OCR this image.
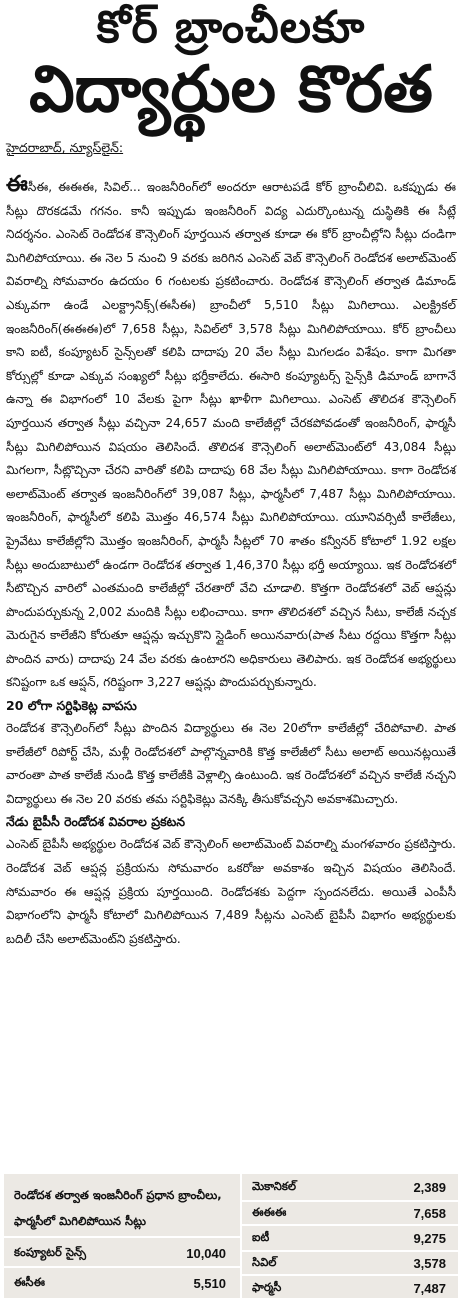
కోర్ బ్రాంచీలకూ
విద్యార్థుల కొరత
హైదరాబాద్, న్యూస్‌లైన్:

ఈసీఈ, ఈఈఈ, సివిల్... ఇంజనీరింగ్‌లో అందరూ ఆరాటపడే కోర్ బ్రాంచీలివి. ఒకప్పుడు ఈ సీట్లు దొరకడమే గగనం. కానీ ఇప్పుడు ఇంజనీరింగ్ విద్య ఎదుర్కొంటున్న దుస్థితికి ఈ సీట్లే నిదర్శనం. ఎంసెట్ రెండోదశ కౌన్సెలింగ్ పూర్తయిన తర్వాత కూడా ఈ కోర్ బ్రాంచీల్లోని సీట్లు దండిగా మిగిలిపోయాయి. ఈ నెల 5 నుంచి 9 వరకు జరిగిన ఎంసెట్ వెబ్ కౌన్సెలింగ్ రెండోదశ అలాట్‌మెంట్ వివరాల్ని సోమవారం ఉదయం 6 గంటలకు ప్రకటించారు. రెండోదశ కౌన్సెలింగ్ తర్వాత డిమాండ్ ఎక్కువగా ఉండే ఎలక్ట్రానిక్స్(ఈసీఈ) బ్రాంచీలో 5,510 సీట్లు మిగిలాయి. ఎలక్ట్రికల్ ఇంజనీరింగ్(ఈఈఈ)లో 7,658 సీట్లు, సివిల్‌లో 3,578 సీట్లు మిగిలిపోయాయి. కోర్ బ్రాంచీలు కాని ఐటీ, కంప్యూటర్ సైన్స్‌లతో కలిపి దాదాపు 20 వేల సీట్లు మిగలడం విశేషం. కాగా మిగతా కోర్సుల్లో కూడా ఎక్కువ సంఖ్యలో సీట్లు భర్తీకాలేదు. ఈసారి కంప్యూటర్స్ సైన్స్‌కి డిమాండ్ బాగానే ఉన్నా ఈ విభాగంలో 10 వేలకు పైగా సీట్లు ఖాళీగా మిగిలాయి. ఎంసెట్ తొలిదశ కౌన్సెలింగ్ పూర్తయిన తర్వాత సీట్లు వచ్చినా 24,657 మంది కాలేజీల్లో చేరకపోవడంతో ఇంజనీరింగ్, ఫార్మసీ సీట్లు మిగిలిపోయిన విషయం తెలిసిందే. తొలిదశ కౌన్సెలింగ్ అలాట్‌మెంట్‌లో 43,084 సీట్లు మిగలగా, సీట్లొచ్చినా చేరని వారితో కలిపి దాదాపు 68 వేల సీట్లు మిగిలిపోయాయి. కాగా రెండోదశ అలాట్‌మెంట్ తర్వాత ఇంజనీరింగ్‌లో 39,087 సీట్లు, ఫార్మసీలో 7,487 సీట్లు మిగిలిపోయాయి. ఇంజనీరింగ్, ఫార్మసీలో కలిపి మొత్తం 46,574 సీట్లు మిగిలిపోయాయి. యూనివర్సిటీ కాలేజీలు, ప్రైవేటు కాలేజీల్లోని మొత్తం ఇంజనీరింగ్, ఫార్మసీ సీట్లలో 70 శాతం కన్వీనర్ కోటాలో 1.92 లక్షల సీట్లు అందుబాటులో ఉండగా రెండోదశ తర్వాత 1,46,370 సీట్లు భర్తీ అయ్యాయి. ఇక రెండోదశలో సీటొచ్చిన వారిలో ఎంతమంది కాలేజీల్లో చేరతారో వేచి చూడాలి. కొత్తగా రెండోదశలో వెబ్ ఆప్షన్లు పొందుపర్చుకున్న 2,002 మందికి సీట్లు లభించాయి. కాగా తొలిదశలో వచ్చిన సీటు, కాలేజీ నచ్చక మెరుగైన కాలేజీని కోరుతూ ఆప్షన్లు ఇచ్చుకొని స్లైడింగ్ అయినవారు(పాత సీటు రద్దయి కొత్తగా సీట్లు పొందిన వారు) దాదాపు 24 వేల వరకు ఉంటారని అధికారులు తెలిపారు. ఇక రెండోదశ అభ్యర్థులు కనిష్టంగా ఒక ఆప్షన్, గరిష్టంగా 3,227 ఆప్షన్లు పొందుపర్చుకున్నారు.

20 లోగా సర్టిఫికెట్ల వాపసు

రెండోదశ కౌన్సెలింగ్‌లో సీట్లు పొందిన విద్యార్థులు ఈ నెల 20లోగా కాలేజీల్లో చేరిపోవాలి. పాత కాలేజీలో రిపోర్ట్ చేసి, మళ్లీ రెండోదశలో పాల్గొన్నవారికి కొత్త కాలేజీలో సీటు అలాట్ అయినట్లయితే వారంతా పాత కాలేజీ నుండి కొత్త కాలేజీకి వెళ్లాల్సి ఉంటుంది. ఇక రెండోదశలో వచ్చిన కాలేజీ నచ్చని విద్యార్థులు ఈ నెల 20 వరకు తమ సర్టిఫికెట్లు వెనక్కి తీసుకోవచ్చని అవకాశమిచ్చారు.

నేడు బైపీసీ రెండోదశ వివరాల ప్రకటన

ఎంసెట్ బైపీసీ అభ్యర్థుల రెండోదశ వెబ్ కౌన్సెలింగ్ అలాట్‌మెంట్ వివరాల్ని మంగళవారం ప్రకటిస్తారు. రెండోదశ వెబ్ ఆప్షన్ల ప్రక్రియను సోమవారం ఒకరోజు అవకాశం ఇచ్చిన విషయం తెలిసిందే. సోమవారం ఈ ఆప్షన్ల ప్రక్రియ పూర్తయింది. రెండోదశకు పెద్దగా స్పందనలేదు. అయితే ఎంపీసీ విభాగంలోని ఫార్మసీ కోటాలో మిగిలిపోయిన 7,489 సీట్లను ఎంసెట్ బైపీసీ విభాగం అభ్యర్థులకు బదిలీ చేసి అలాట్‌మెంట్‌ని ప్రకటిస్తారు.

రెండోదశ తర్వాత ఇంజనీరింగ్ ప్రధాన బ్రాంచీలు, ఫార్మసీలో మిగిలిపోయిన సీట్లు
కంప్యూటర్ సైన్స్	10,040
ఈసీఈ	5,510
మెకానికల్	2,389
ఈఈఈ	7,658
ఐటీ	9,275
సివిల్	3,578
ఫార్మసీ	7,487
